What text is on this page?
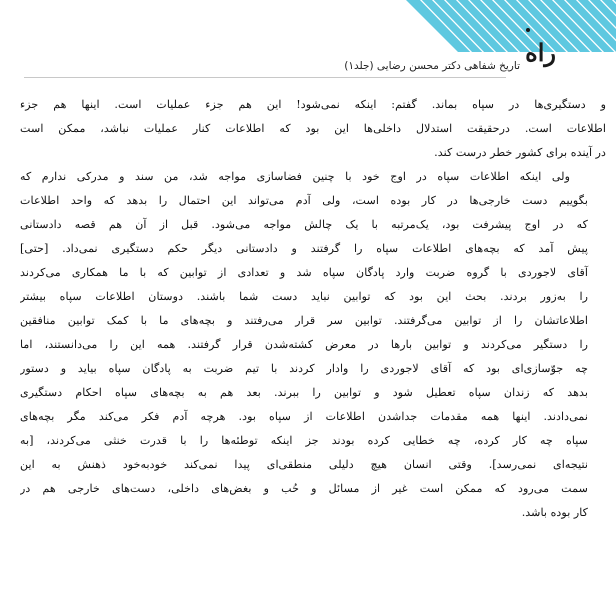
راه
تاریخ شفاهی دکتر محسن رضایی (جلد۱)

و دستگیری‌ها در سپاه بماند. گفتم: اینکه نمی‌شود! این هم جزء عملیات است. اینها هم جزء
اطلاعات است. درحقیقت استدلال داخلی‌ها این بود که اطلاعات کنار عملیات نباشد، ممکن است
در آینده برای کشور خطر درست کند.

ولی اینکه اطلاعات سپاه در اوج خود با چنین فضاسازی مواجه شد، من سند و مدرکی ندارم که
بگوییم دست خارجی‌ها در کار بوده است، ولی آدم می‌تواند این احتمال را بدهد که واحد اطلاعات
که در اوج پیشرفت بود، یک‌مرتبه با یک چالش مواجه می‌شود. قبل از آن هم قصه دادستانی
پیش آمد که بچه‌های اطلاعات سپاه را گرفتند و دادستانی دیگر حکم دستگیری نمی‌داد. [حتی]
آقای لاجوردی با گروه ضربت وارد پادگان سپاه شد و تعدادی از توابین که با ما همکاری می‌کردند
را بەزور بردند. بحث این بود که توابین نباید دست شما باشند. دوستان اطلاعات سپاه بیشتر
اطلاعاتشان را از توابین می‌گرفتند. توابین سر قرار می‌رفتند و بچه‌های ما با کمک توابین منافقین
را دستگیر می‌کردند و توابین بارها در معرض کشته‌شدن قرار گرفتند. همه این را می‌دانستند، اما
چه جوّسازی‌ای بود که آقای لاجوردی را وادار کردند با تیم ضربت به پادگان سپاه بیاید و دستور
بدهد که زندان سپاه تعطیل شود و توابین را ببرند. بعد هم به بچه‌های سپاه احکام دستگیری
نمی‌دادند. اینها همه مقدمات جداشدن اطلاعات از سپاه بود. هرچه آدم فکر می‌کند مگر بچه‌های
سپاه چه کار کرده، چه خطایی کرده بودند جز اینکه توطئه‌ها را با قدرت خنثی می‌کردند، [به
نتیجه‌ای نمی‌رسد]. وقتی انسان هیچ دلیلی منطقی‌ای پیدا نمی‌کند خودبه‌خود ذهنش به این
سمت می‌رود که ممکن است غیر از مسائل و حُب و بغض‌های داخلی، دست‌های خارجی هم در
کار بوده باشد.
